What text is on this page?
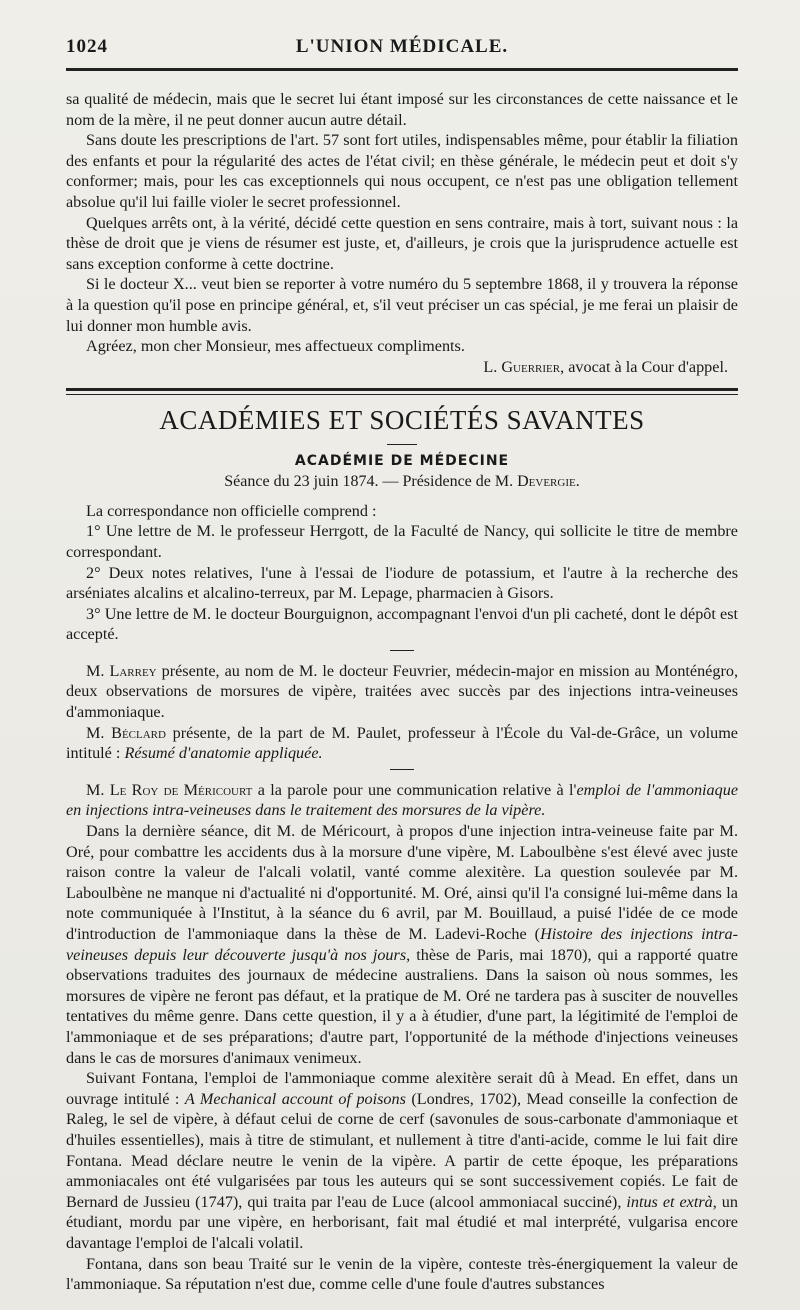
1024	L'UNION MÉDICALE.

sa qualité de médecin, mais que le secret lui étant imposé sur les circonstances de cette naissance et le nom de la mère, il ne peut donner aucun autre détail.

Sans doute les prescriptions de l'art. 57 sont fort utiles, indispensables même, pour établir la filiation des enfants et pour la régularité des actes de l'état civil; en thèse générale, le médecin peut et doit s'y conformer; mais, pour les cas exceptionnels qui nous occupent, ce n'est pas une obligation tellement absolue qu'il lui faille violer le secret professionnel.

Quelques arrêts ont, à la vérité, décidé cette question en sens contraire, mais à tort, suivant nous : la thèse de droit que je viens de résumer est juste, et, d'ailleurs, je crois que la jurisprudence actuelle est sans exception conforme à cette doctrine.

Si le docteur X... veut bien se reporter à votre numéro du 5 septembre 1868, il y trouvera la réponse à la question qu'il pose en principe général, et, s'il veut préciser un cas spécial, je me ferai un plaisir de lui donner mon humble avis.

Agréez, mon cher Monsieur, mes affectueux compliments.

L. Guerrier, avocat à la Cour d'appel.
ACADÉMIES ET SOCIÉTÉS SAVANTES
ACADÉMIE DE MÉDECINE
Séance du 23 juin 1874. — Présidence de M. Devergie.

La correspondance non officielle comprend :

1° Une lettre de M. le professeur Herrgott, de la Faculté de Nancy, qui sollicite le titre de membre correspondant.

2° Deux notes relatives, l'une à l'essai de l'iodure de potassium, et l'autre à la recherche des arséniates alcalins et alcalino-terreux, par M. Lepage, pharmacien à Gisors.

3° Une lettre de M. le docteur Bourguignon, accompagnant l'envoi d'un pli cacheté, dont le dépôt est accepté.

M. Larrey présente, au nom de M. le docteur Feuvrier, médecin-major en mission au Monténégro, deux observations de morsures de vipère, traitées avec succès par des injections intra-veineuses d'ammoniaque.

M. Béclard présente, de la part de M. Paulet, professeur à l'École du Val-de-Grâce, un volume intitulé : Résumé d'anatomie appliquée.

M. Le Roy de Méricourt a la parole pour une communication relative à l'emploi de l'ammoniaque en injections intra-veineuses dans le traitement des morsures de la vipère.

Dans la dernière séance, dit M. de Méricourt, à propos d'une injection intra-veineuse faite par M. Oré, pour combattre les accidents dus à la morsure d'une vipère, M. Laboulbène s'est élevé avec juste raison contre la valeur de l'alcali volatil, vanté comme alexitère. La question soulevée par M. Laboulbène ne manque ni d'actualité ni d'opportunité. M. Oré, ainsi qu'il l'a consigné lui-même dans la note communiquée à l'Institut, à la séance du 6 avril, par M. Bouillaud, a puisé l'idée de ce mode d'introduction de l'ammoniaque dans la thèse de M. Ladevi-Roche (Histoire des injections intra-veineuses depuis leur découverte jusqu'à nos jours, thèse de Paris, mai 1870), qui a rapporté quatre observations traduites des journaux de médecine australiens. Dans la saison où nous sommes, les morsures de vipère ne feront pas défaut, et la pratique de M. Oré ne tardera pas à susciter de nouvelles tentatives du même genre. Dans cette question, il y a à étudier, d'une part, la légitimité de l'emploi de l'ammoniaque et de ses préparations; d'autre part, l'opportunité de la méthode d'injections veineuses dans le cas de morsures d'animaux venimeux.

Suivant Fontana, l'emploi de l'ammoniaque comme alexitère serait dû à Mead. En effet, dans un ouvrage intitulé : A Mechanical account of poisons (Londres, 1702), Mead conseille la confection de Raleg, le sel de vipère, à défaut celui de corne de cerf (savonules de sous-carbonate d'ammoniaque et d'huiles essentielles), mais à titre de stimulant, et nullement à titre d'anti-acide, comme le lui fait dire Fontana. Mead déclare neutre le venin de la vipère. A partir de cette époque, les préparations ammoniacales ont été vulgarisées par tous les auteurs qui se sont successivement copiés. Le fait de Bernard de Jussieu (1747), qui traita par l'eau de Luce (alcool ammoniacal succiné), intus et extrà, un étudiant, mordu par une vipère, en herborisant, fait mal étudié et mal interprété, vulgarisa encore davantage l'emploi de l'alcali volatil.

Fontana, dans son beau Traité sur le venin de la vipère, conteste très-énergiquement la valeur de l'ammoniaque. Sa réputation n'est due, comme celle d'une foule d'autres substances
